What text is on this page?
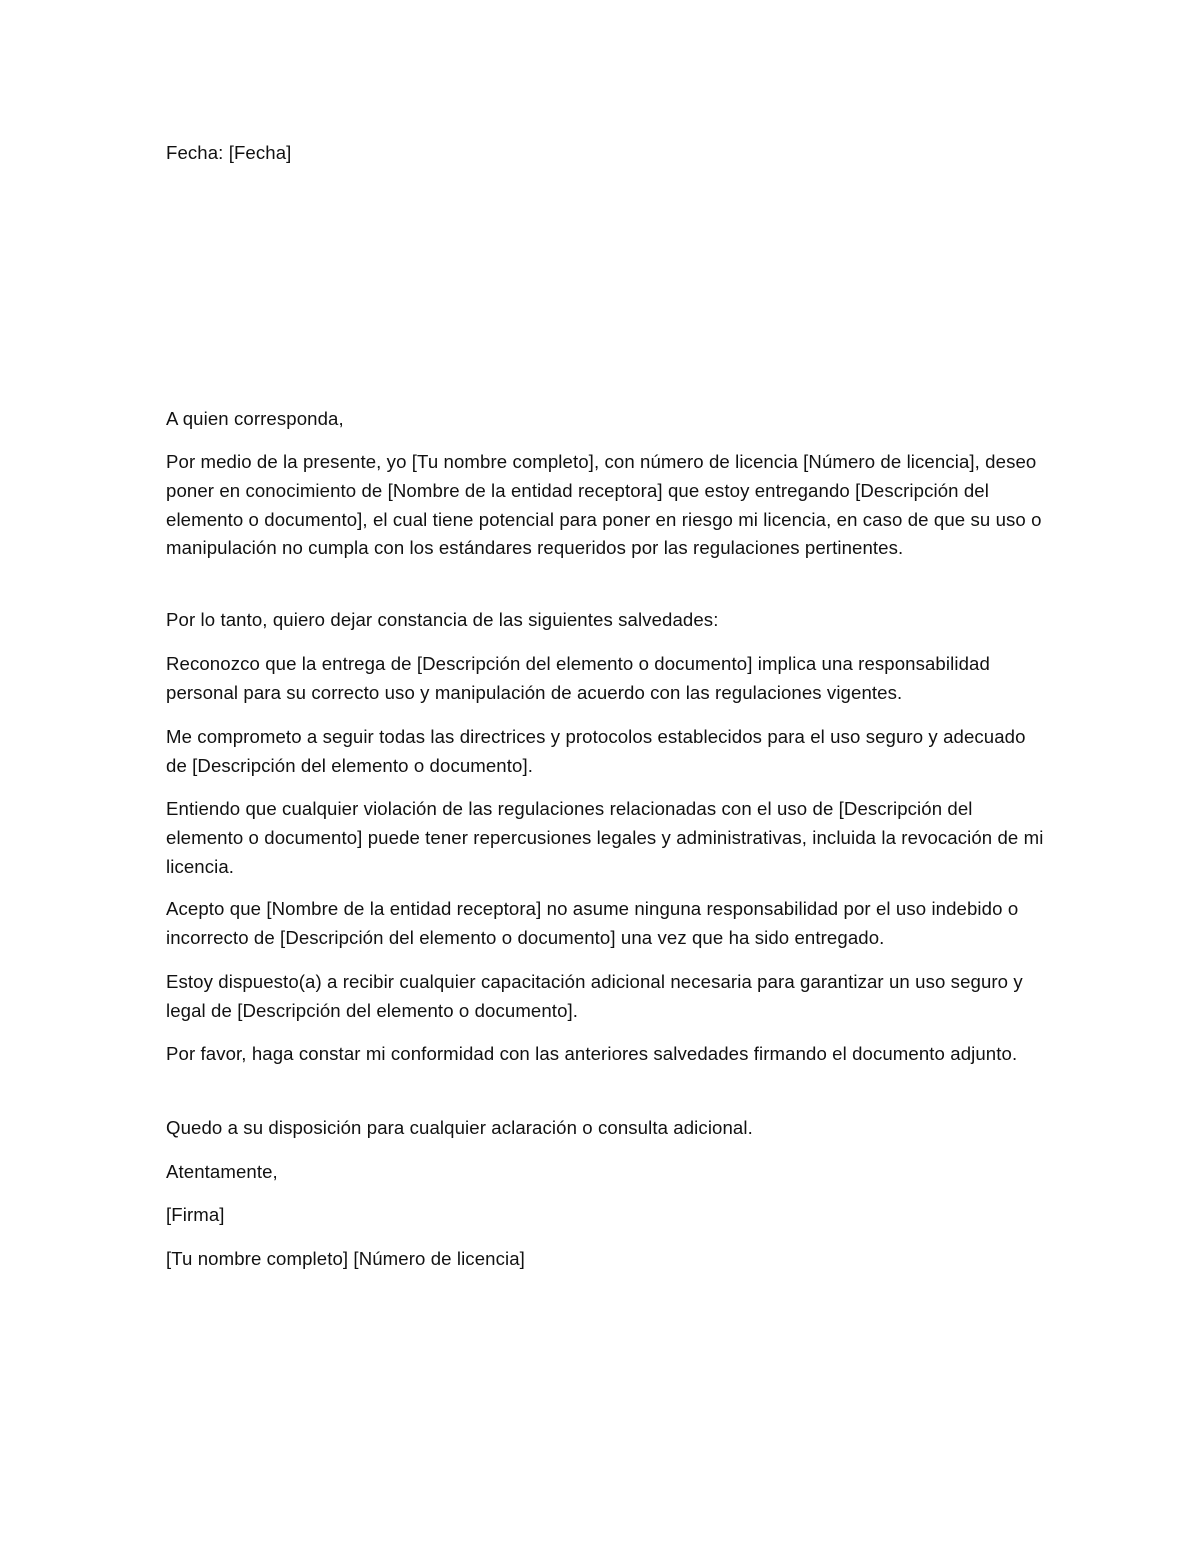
Fecha: [Fecha]

A quien corresponda,

Por medio de la presente, yo [Tu nombre completo], con número de licencia [Número de licencia], deseo poner en conocimiento de [Nombre de la entidad receptora] que estoy entregando [Descripción del elemento o documento], el cual tiene potencial para poner en riesgo mi licencia, en caso de que su uso o manipulación no cumpla con los estándares requeridos por las regulaciones pertinentes.

Por lo tanto, quiero dejar constancia de las siguientes salvedades:

Reconozco que la entrega de [Descripción del elemento o documento] implica una responsabilidad personal para su correcto uso y manipulación de acuerdo con las regulaciones vigentes.

Me comprometo a seguir todas las directrices y protocolos establecidos para el uso seguro y adecuado de [Descripción del elemento o documento].

Entiendo que cualquier violación de las regulaciones relacionadas con el uso de [Descripción del elemento o documento] puede tener repercusiones legales y administrativas, incluida la revocación de mi licencia.

Acepto que [Nombre de la entidad receptora] no asume ninguna responsabilidad por el uso indebido o incorrecto de [Descripción del elemento o documento] una vez que ha sido entregado.

Estoy dispuesto(a) a recibir cualquier capacitación adicional necesaria para garantizar un uso seguro y legal de [Descripción del elemento o documento].

Por favor, haga constar mi conformidad con las anteriores salvedades firmando el documento adjunto.

Quedo a su disposición para cualquier aclaración o consulta adicional.

Atentamente,

[Firma]

[Tu nombre completo] [Número de licencia]
